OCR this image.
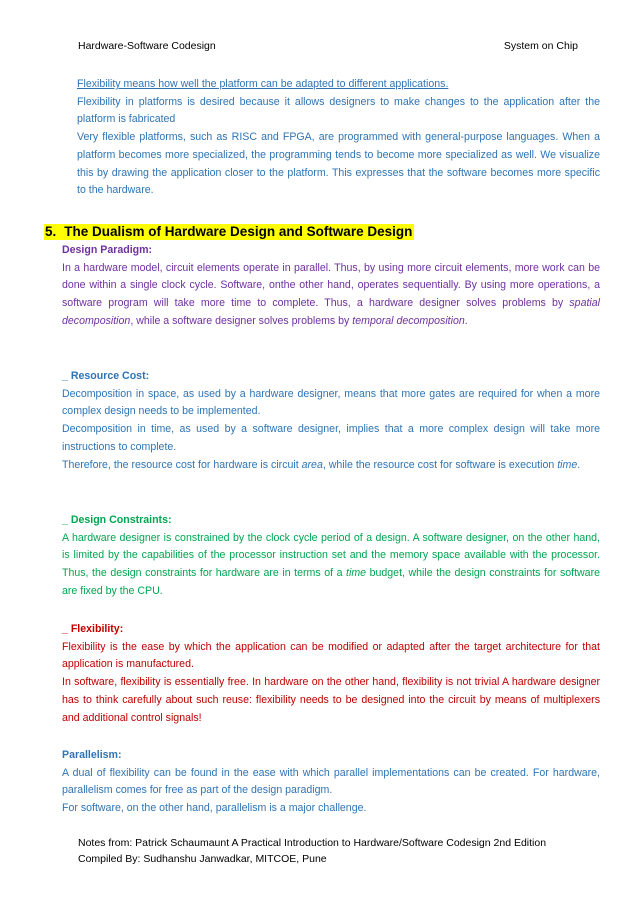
Hardware-Software Codesign	System on Chip

Flexibility means how well the platform can be adapted to different applications.

Flexibility in platforms is desired because it allows designers to make changes to the application after the platform is fabricated

Very flexible platforms, such as RISC and FPGA, are programmed with general-purpose languages. When a platform becomes more specialized, the programming tends to become more specialized as well. We visualize this by drawing the application closer to the platform. This expresses that the software becomes more specific to the hardware.

5. The Dualism of Hardware Design and Software Design

Design Paradigm:

In a hardware model, circuit elements operate in parallel. Thus, by using more circuit elements, more work can be done within a single clock cycle. Software, onthe other hand, operates sequentially. By using more operations, a software program will take more time to complete. Thus, a hardware designer solves problems by spatial decomposition, while a software designer solves problems by temporal decomposition.

_ Resource Cost:

Decomposition in space, as used by a hardware designer, means that more gates are required for when a more complex design needs to be implemented.

Decomposition in time, as used by a software designer, implies that a more complex design will take more instructions to complete.

Therefore, the resource cost for hardware is circuit area, while the resource cost for software is execution time.

_ Design Constraints:

A hardware designer is constrained by the clock cycle period of a design. A software designer, on the other hand, is limited by the capabilities of the processor instruction set and the memory space available with the processor. Thus, the design constraints for hardware are in terms of a time budget, while the design constraints for software are fixed by the CPU.

_ Flexibility:

Flexibility is the ease by which the application can be modified or adapted after the target architecture for that application is manufactured.

In software, flexibility is essentially free. In hardware on the other hand, flexibility is not trivial A hardware designer has to think carefully about such reuse: flexibility needs to be designed into the circuit by means of multiplexers and additional control signals!

Parallelism:

A dual of flexibility can be found in the ease with which parallel implementations can be created. For hardware, parallelism comes for free as part of the design paradigm.

For software, on the other hand, parallelism is a major challenge.

Notes from: Patrick Schaumaunt A Practical Introduction to Hardware/Software Codesign 2nd Edition
Compiled By: Sudhanshu Janwadkar, MITCOE, Pune
